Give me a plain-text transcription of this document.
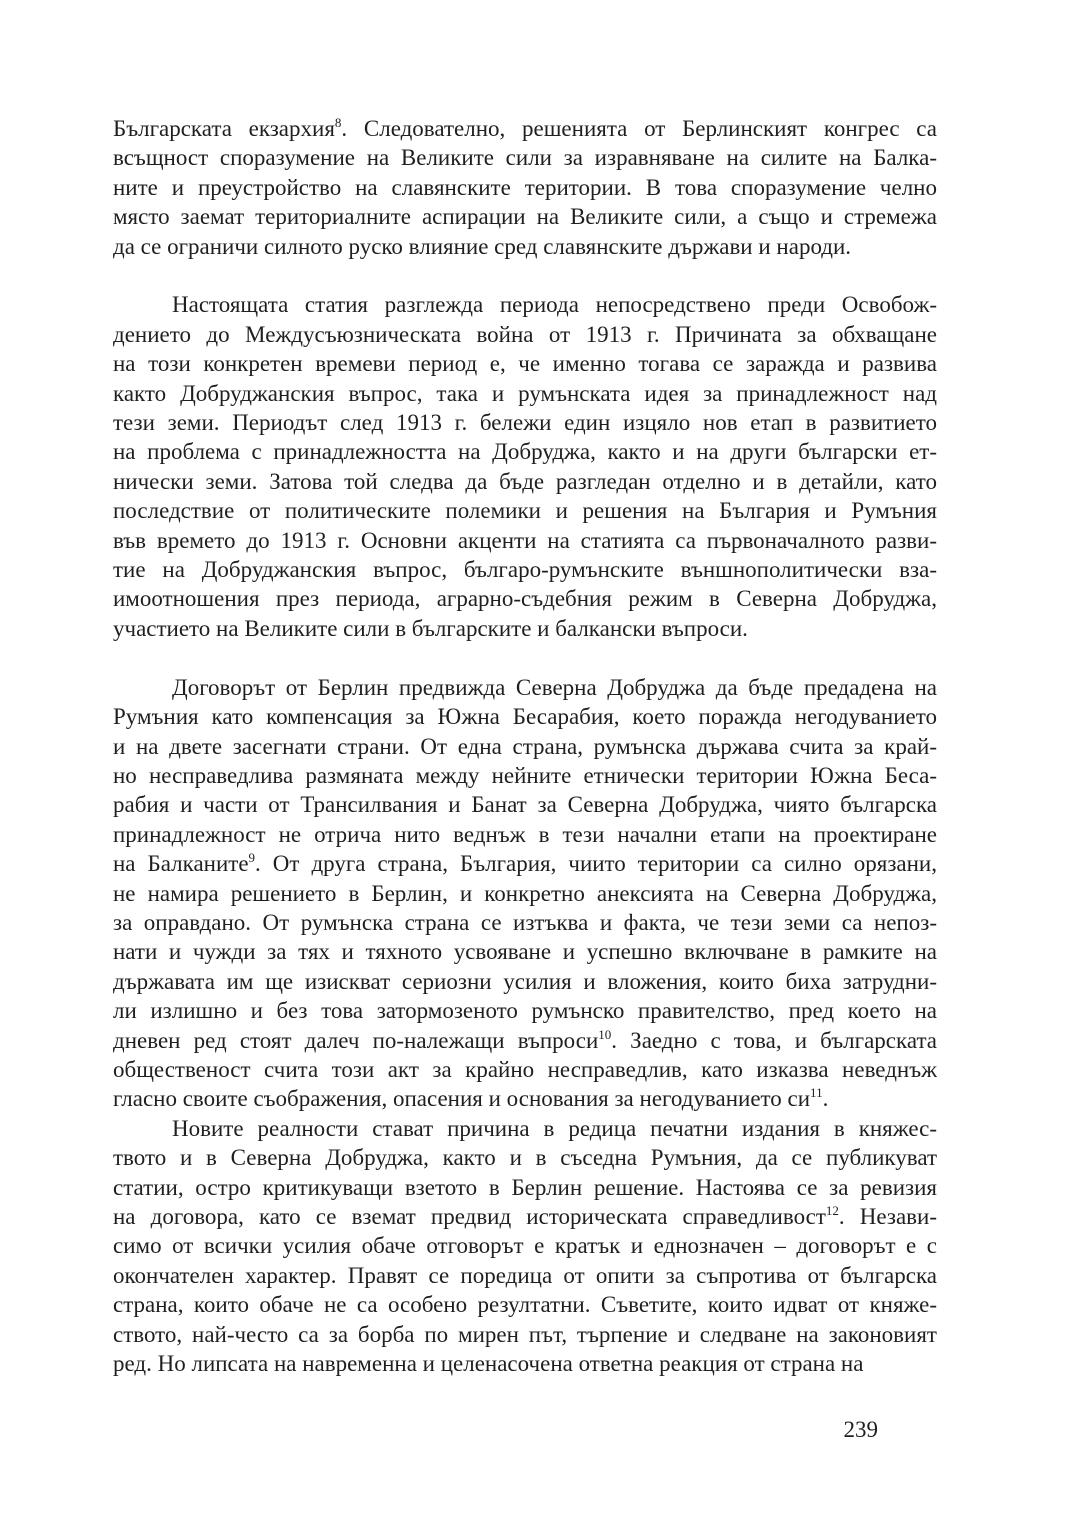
Българската екзархия$^8$. Следователно, решенията от Берлинският конгрес са
всъщност споразумение на Великите сили за изравняване на силите на Балка-
ните и преустройство на славянските територии. В това споразумение челно
място заемат териториалните аспирации на Великите сили, а също и стремежа
да се ограничи силното руско влияние сред славянските държави и народи.
Настоящата статия разглежда периода непосредствено преди Освобож-
дението до Междусъюзническата война от 1913 г. Причината за обхващане
на този конкретен времеви период е, че именно тогава се заражда и развива
както Добруджанския въпрос, така и румънската идея за принадлежност над
тези земи. Периодът след 1913 г. бележи един изцяло нов етап в развитието
на проблема с принадлежността на Добруджа, както и на други български ет-
нически земи. Затова той следва да бъде разгледан отделно и в детайли, като
последствие от политическите полемики и решения на България и Румъния
във времето до 1913 г. Основни акценти на статията са първоначалното разви-
тие на Добруджанския въпрос, българо-румънските външнополитически вза-
имоотношения през периода, аграрно-съдебния режим в Северна Добруджа,
участието на Великите сили в българските и балкански въпроси.
Договорът от Берлин предвижда Северна Добруджа да бъде предадена на
Румъния като компенсация за Южна Бесарабия, което поражда негодуванието
и на двете засегнати страни. От една страна, румънска държава счита за край-
но несправедлива размяната между нейните етнически територии Южна Беса-
рабия и части от Трансилвания и Банат за Северна Добруджа, чиято българска
принадлежност не отрича нито веднъж в тези начални етапи на проектиране
на Балканите$^9$. От друга страна, България, чиито територии са силно орязани,
не намира решението в Берлин, и конкретно анексията на Северна Добруджа,
за оправдано. От румънска страна се изтъква и факта, че тези земи са непоз-
нати и чужди за тях и тяхното усвояване и успешно включване в рамките на
държавата им ще изискват сериозни усилия и вложения, които биха затрудни-
ли излишно и без това затормозеното румънско правителство, пред което на
дневен ред стоят далеч по-належащи въпроси$^{10}$. Заедно с това, и българската
общественост счита този акт за крайно несправедлив, като изказва неведнъж
гласно своите съображения, опасения и основания за негодуванието $си^{11}$.
Новите реалности стават причина в редица печатни издания в княжес-
твото и в Северна Добруджа, както и в съседна Румъния, да се публикуват
статии, остро критикуващи взетото в Берлин решение. Настоява се за ревизия
на договора, като се вземат предвид историческата справедливост$^{12}$. Незави-
симо от всички усилия обаче отговорът е кратък и еднозначен – договорът е с
окончателен характер. Правят се поредица от опити за съпротива от българска
страна, които обаче не са особено резултатни. Съветите, които идват от княже-
ството, най-често са за борба по мирен път, търпение и следване на законовият
ред. Но липсата на навременна и целенасочена ответна реакция от страна на
239
